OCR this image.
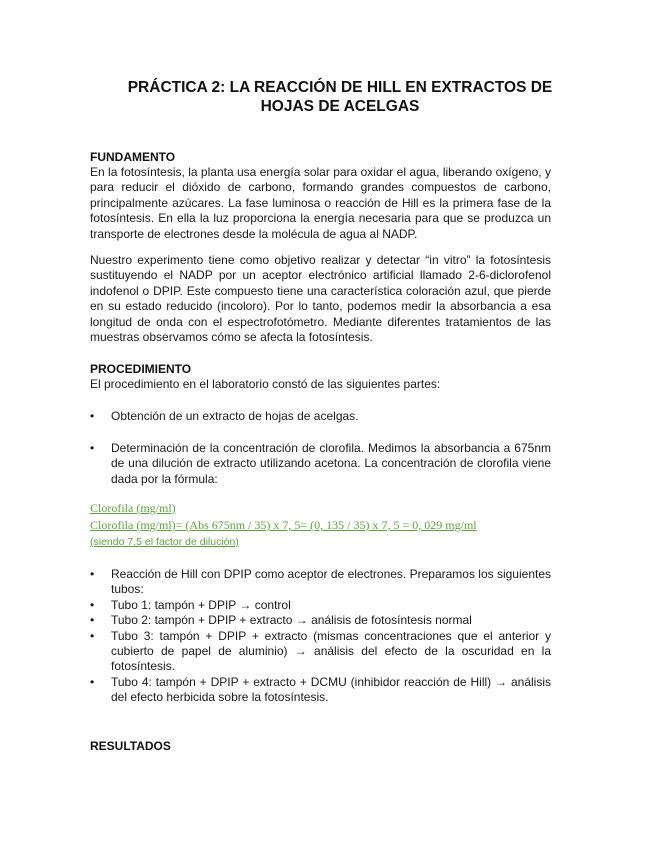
PRÁCTICA 2: LA REACCIÓN DE HILL EN EXTRACTOS DE
HOJAS DE ACELGAS
FUNDAMENTO
En la fotosíntesis, la planta usa energía solar para oxidar el agua, liberando oxígeno, y para reducir el dióxido de carbono, formando grandes compuestos de carbono, principalmente azúcares. La fase luminosa o reacción de Hill es la primera fase de la fotosíntesis. En ella la luz proporciona la energía necesaria para que se produzca un transporte de electrones desde la molécula de agua al NADP.
Nuestro experimento tiene como objetivo realizar y detectar “in vitro” la fotosíntesis sustituyendo el NADP por un aceptor electrónico artificial llamado 2-6-diclorofenol indofenol o DPIP. Este compuesto tiene una característica coloración azul, que pierde en su estado reducido (incoloro). Por lo tanto, podemos medir la absorbancia a esa longitud de onda con el espectrofotómetro. Mediante diferentes tratamientos de las muestras observamos cómo se afecta la fotosíntesis.
PROCEDIMIENTO
El procedimiento en el laboratorio constó de las siguientes partes:
• Obtención de un extracto de hojas de acelgas.
• Determinación de la concentración de clorofila. Medimos la absorbancia a 675nm de una dilución de extracto utilizando acetona. La concentración de clorofila viene dada por la fórmula:
Clorofila (mg/ml)
Clorofila (mg/ml)= (Abs 675nm / 35) x 7, 5= (0, 135 / 35) x 7, 5 = 0, 029 mg/ml
(siendo 7,5 el factor de dilución)
• Reacción de Hill con DPIP como aceptor de electrones. Preparamos los siguientes tubos:
• Tubo 1: tampón + DPIP → control
• Tubo 2: tampón + DPIP + extracto → análisis de fotosíntesis normal
• Tubo 3: tampón + DPIP + extracto (mismas concentraciones que el anterior y cubierto de papel de aluminio) → análisis del efecto de la oscuridad en la fotosíntesis.
• Tubo 4: tampón + DPIP + extracto + DCMU (inhibidor reacción de Hill) → análisis del efecto herbicida sobre la fotosíntesis.
RESULTADOS
